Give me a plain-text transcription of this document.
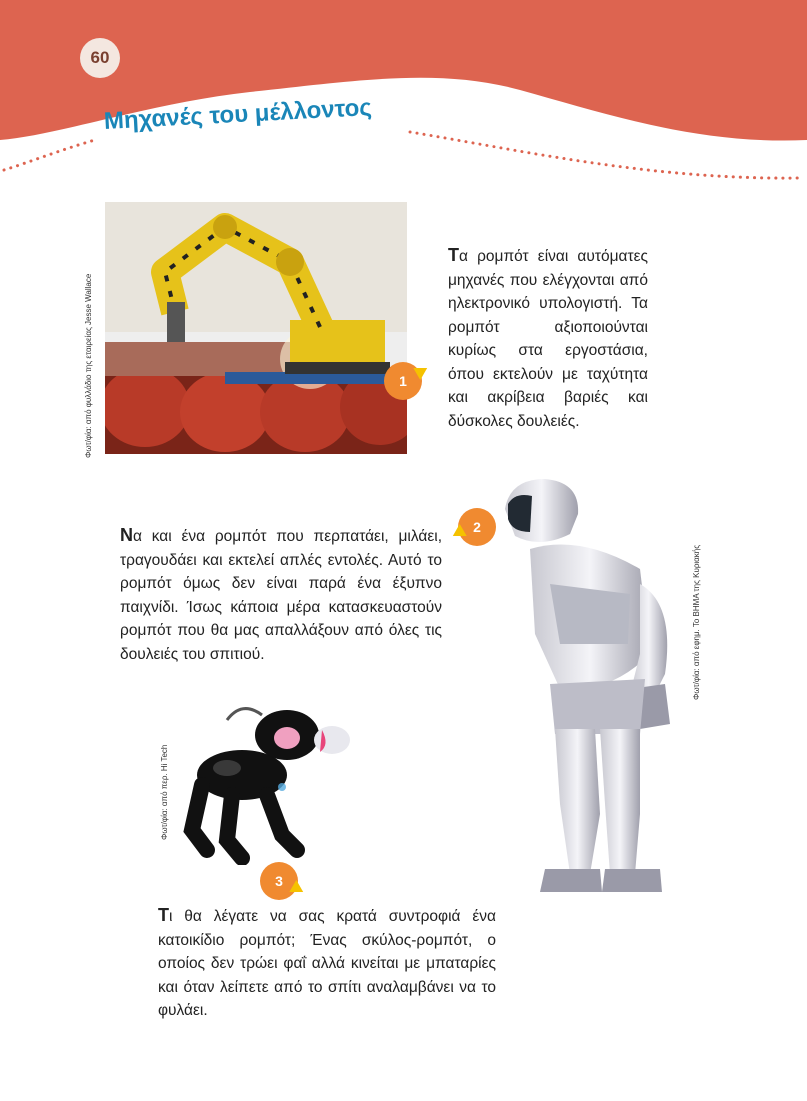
60
Μηχανές του μέλλοντος
Φωτ/φία: από φυλλάδιο της εταιρείας Jesse Wallace	1

Τα ρομπότ είναι αυτόματες μηχανές που ελέγχονται από ηλεκτρονικό υπολογιστή. Τα ρομπότ αξιοποιούνται κυρίως στα εργοστάσια, όπου εκτελούν με ταχύτητα και ακρίβεια βαριές και δύσκολες δουλειές.

2

Να και ένα ρομπότ που περπατάει, μιλάει, τραγουδάει και εκτελεί απλές εντολές. Αυτό το ρομπότ όμως δεν είναι παρά ένα έξυπνο παιχνίδι. Ίσως κάποια μέρα κατασκευαστούν ρομπότ που θα μας απαλλάξουν από όλες τις δουλειές του σπιτιού.	Φωτ/φία: από εφημ. Το ΒΗΜΑ της Κυριακής
Φωτ/φία: από περ. Hi Tech
3

Τι θα λέγατε να σας κρατά συντροφιά ένα κατοικίδιο ρομπότ; Ένας σκύλος-ρομπότ, ο οποίος δεν τρώει φαΐ αλλά κινείται με μπαταρίες και όταν λείπετε από το σπίτι αναλαμβάνει να το φυλάει.
